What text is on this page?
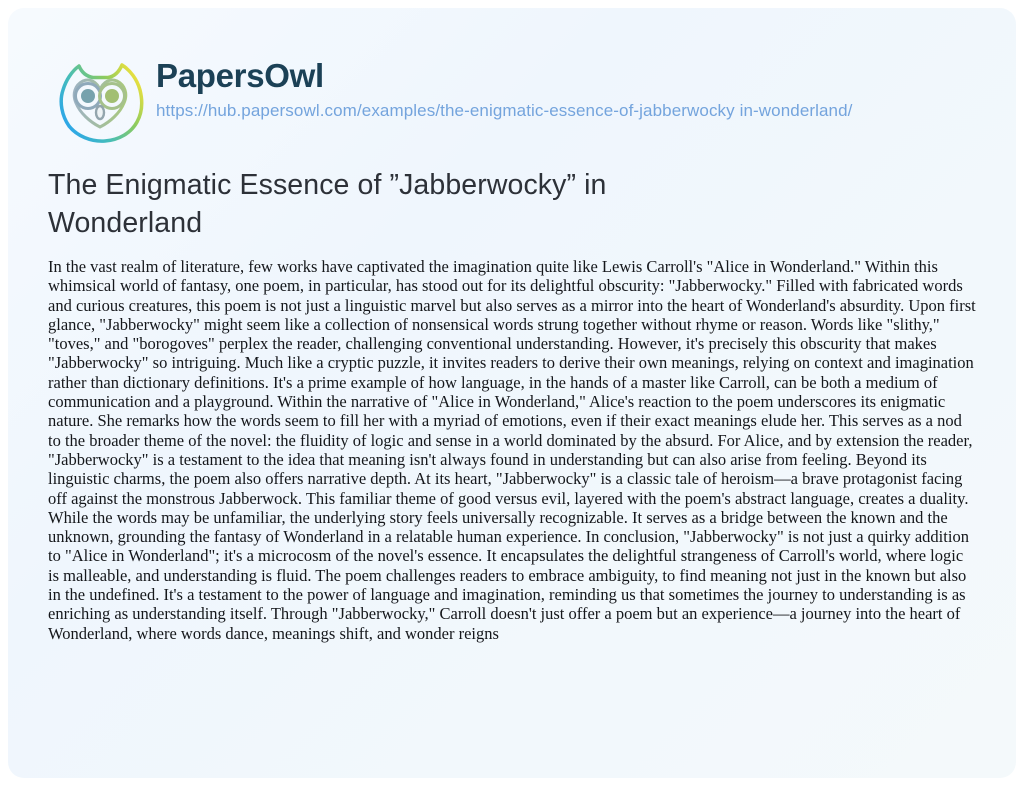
PapersOwl
https://hub.papersowl.com/examples/the-enigmatic-essence-of-jabberwocky in-wonderland/
The Enigmatic Essence of ”Jabberwocky” in Wonderland

In the vast realm of literature, few works have captivated the imagination quite like Lewis Carroll's "Alice in Wonderland." Within this whimsical world of fantasy, one poem, in particular, has stood out for its delightful obscurity: "Jabberwocky." Filled with fabricated words and curious creatures, this poem is not just a linguistic marvel but also serves as a mirror into the heart of Wonderland's absurdity. Upon first glance, "Jabberwocky" might seem like a collection of nonsensical words strung together without rhyme or reason. Words like "slithy," "toves," and "borogoves" perplex the reader, challenging conventional understanding. However, it's precisely this obscurity that makes "Jabberwocky" so intriguing. Much like a cryptic puzzle, it invites readers to derive their own meanings, relying on context and imagination rather than dictionary definitions. It's a prime example of how language, in the hands of a master like Carroll, can be both a medium of communication and a playground. Within the narrative of "Alice in Wonderland," Alice's reaction to the poem underscores its enigmatic nature. She remarks how the words seem to fill her with a myriad of emotions, even if their exact meanings elude her. This serves as a nod to the broader theme of the novel: the fluidity of logic and sense in a world dominated by the absurd. For Alice, and by extension the reader, "Jabberwocky" is a testament to the idea that meaning isn't always found in understanding but can also arise from feeling. Beyond its linguistic charms, the poem also offers narrative depth. At its heart, "Jabberwocky" is a classic tale of heroism—a brave protagonist facing off against the monstrous Jabberwock. This familiar theme of good versus evil, layered with the poem's abstract language, creates a duality. While the words may be unfamiliar, the underlying story feels universally recognizable. It serves as a bridge between the known and the unknown, grounding the fantasy of Wonderland in a relatable human experience. In conclusion, "Jabberwocky" is not just a quirky addition to "Alice in Wonderland"; it's a microcosm of the novel's essence. It encapsulates the delightful strangeness of Carroll's world, where logic is malleable, and understanding is fluid. The poem challenges readers to embrace ambiguity, to find meaning not just in the known but also in the undefined. It's a testament to the power of language and imagination, reminding us that sometimes the journey to understanding is as enriching as understanding itself. Through "Jabberwocky," Carroll doesn't just offer a poem but an experience—a journey into the heart of Wonderland, where words dance, meanings shift, and wonder reigns
